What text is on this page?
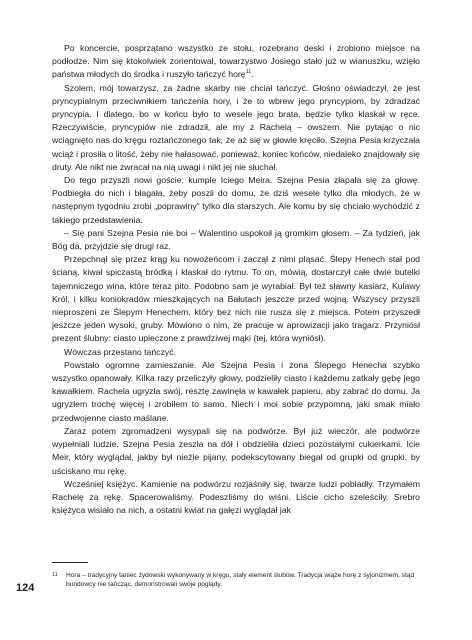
Po koncercie, posprzątano wszystko ze stołu, rozebrano deski i zrobiono miejsce na podłodze. Nim się ktokolwiek zorientował, towarzystwo Josiego stało już w wianuszku, wzięło państwa młodych do środka i ruszyło tańczyć horę$^{11}$.

Szolem, mój towarzysz, za żadne skarby nie chciał tańczyć. Głośno oświadczył, że jest pryncypialnym przeciwnikiem tańczenia hory, i że to wbrew jego pryncypiom, by zdradzać pryncypia. I dlatego, bo w końcu było to wesele jego brata, będzie tylko klaskał w ręce. Rzeczywiście, pryncypiów nie zdradził, ale my z Rachelą – owszem. Nie pytając o nic wciągnięto nas do kręgu roztańczonego tak, że aż się w głowie kręciło. Szejna Pesia krzyczała wciąż i prosiła o litość, żeby nie hałasować, ponieważ, koniec końców, niedaleko znajdowały się druty. Ale nikt nie zwracał na nią uwagi i nikt jej nie słuchał.

Do tego przyszli nowi goście: kumple Iciego Meira. Szejna Pesia złapała się za głowę. Podbiegła do nich i błagała, żeby poszli do domu, że dziś wesele tylko dla młodych, że w następnym tygodniu zrobi „poprawiny” tylko dla starszych. Ale komu by się chciało wychodzić z takiego przedstawienia.

– Się pani Szejna Pesia nie boi – Walentino uspokoił ją gromkim głosem. – Za tydzień, jak Bóg da, przyjdzie się drugi raz.

Przepchnął się przez krąg ku nowożeńcom i zaczął z nimi pląsać. Ślepy Henech stał pod ścianą, kiwał spiczastą bródką i klaskał do rytmu. To on, mówią, dostarczył całe dwie butelki tajemniczego wina, które teraz pito. Podobno sam je wyrabiał. Był też sławny kasiarz, Kulawy Król, i kilku koniokradów mieszkających na Bałutach jeszcze przed wojną. Wszyscy przyszli nieproszeni ze Ślepym Henechem, który bez nich nie rusza się z miejsca. Potem przyszedł jeszcze jeden wysoki, gruby. Mówiono o nim, że pracuje w aprowizacji jako tragarz. Przyniósł prezent ślubny: ciasto upieczone z prawdziwej mąki (tej, która wyniósł).

Wówczas przestano tańczyć.

Powstało ogromne zamieszanie. Ale Szejna Pesia i żona Ślepego Henecha szybko wszystko opanowały. Kilka razy przeliczyły głowy, podzieliły ciasto i każdemu zatkały gębę jego kawałkiem. Rachela ugryzła swój, resztę zawinęła w kawałek papieru, aby zabrać do domu. Ja ugryzłem trochę więcej i zrobiłem to samo. Niech i moi sobie przypomną, jaki smak miało przedwojenne ciasto maślane.

Zaraz potem zgromadzeni wysypali się na podwórze. Był już wieczór, ale podwórze wypełniali ludzie. Szejna Pesia zeszła na dół i obdzieliła dzieci pozostałymi cukierkami. Icie Meir, który wyglądał, jakby był nieźle pijany, podekscytowany biegał od grupki od grupki, by uściskano mu rękę.

Wcześniej księżyc. Kamienie na podwórzu rozjaśniły się, twarze ludzi pobladły. Trzymałem Rachelę za rękę. Spacerowaliśmy. Podeszliśmy do wiśni. Liście cicho szeleściły. Srebro księżyca wisiało na nich, a ostatni kwiat na gałęzi wyglądał jak

11	Hora – tradycyjny taniec żydowski wykonywany w kręgu, stały element ślubów. Tradycja wiąże horę z syjonizmem, stąd bundowcy nie tańcząc, demonstrowali swoje poglądy.
124
